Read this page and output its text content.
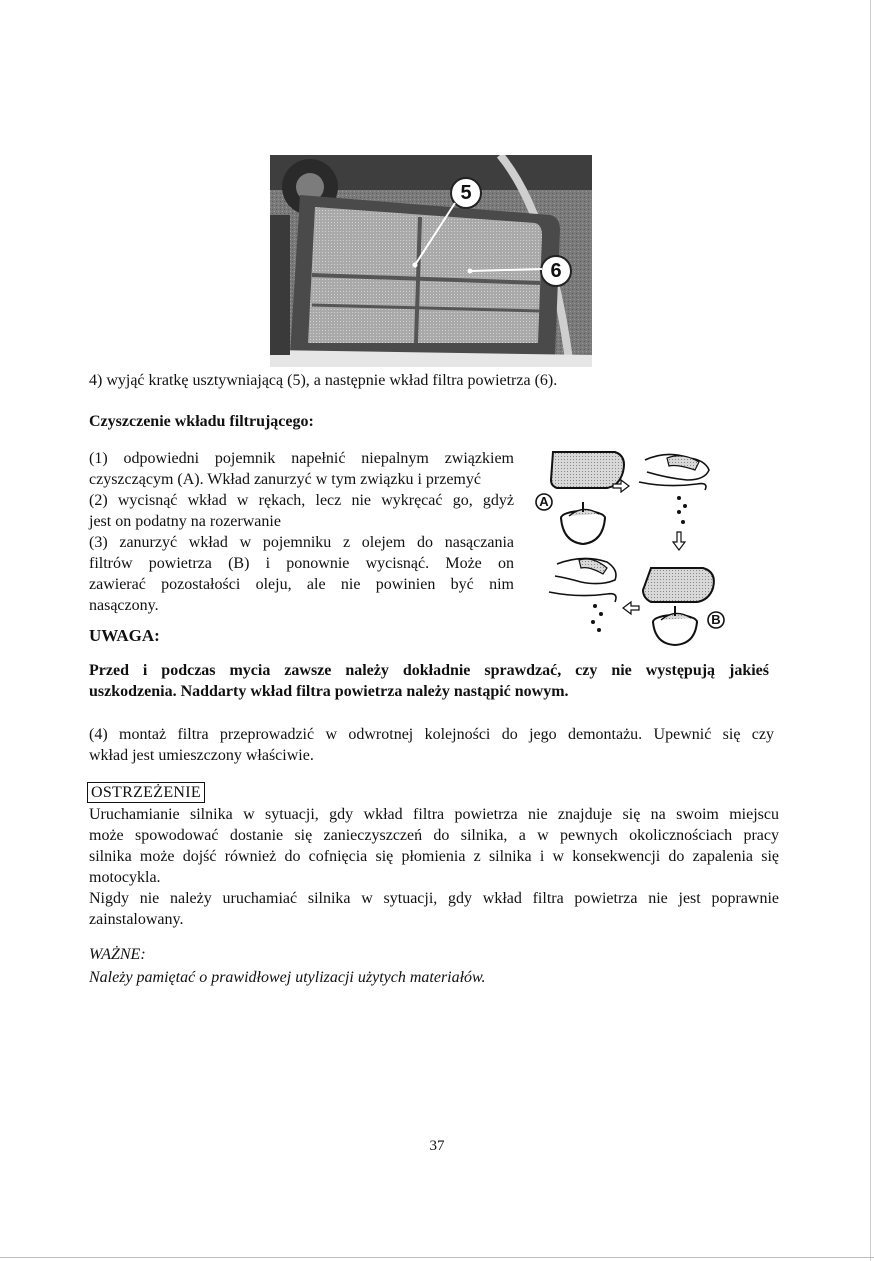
5
6
4) wyjąć kratkę usztywniającą (5), a następnie wkład filtra powietrza (6).
Czyszczenie wkładu filtrującego:

(1) odpowiedni pojemnik napełnić niepalnym związkiem

czyszczącym (A). Wkład zanurzyć w tym związku i przemyć

(2) wycisnąć wkład w rękach, lecz nie wykręcać go, gdyż

jest on podatny na rozerwanie

(3) zanurzyć wkład w pojemniku z olejem do nasączania

filtrów powietrza (B) i ponownie wycisnąć. Może on

zawierać pozostałości oleju, ale nie powinien być nim

nasączony.

A
B
UWAGA:

Przed i podczas mycia zawsze należy dokładnie sprawdzać, czy nie występują jakieś

uszkodzenia. Naddarty wkład filtra powietrza należy nastąpić nowym.

(4) montaż filtra przeprowadzić w odwrotnej kolejności do jego demontażu. Upewnić się czy

wkład jest umieszczony właściwie.

OSTRZEŻENIE

Uruchamianie silnika w sytuacji, gdy wkład filtra powietrza nie znajduje się na swoim miejscu

może spowodować dostanie się zanieczyszczeń do silnika, a w pewnych okolicznościach pracy

silnika może dojść również do cofnięcia się płomienia z silnika i w konsekwencji do zapalenia się

motocykla.

Nigdy nie należy uruchamiać silnika w sytuacji, gdy wkład filtra powietrza nie jest poprawnie

zainstalowany.

WAŻNE:
Należy pamiętać o prawidłowej utylizacji użytych materiałów.
37
